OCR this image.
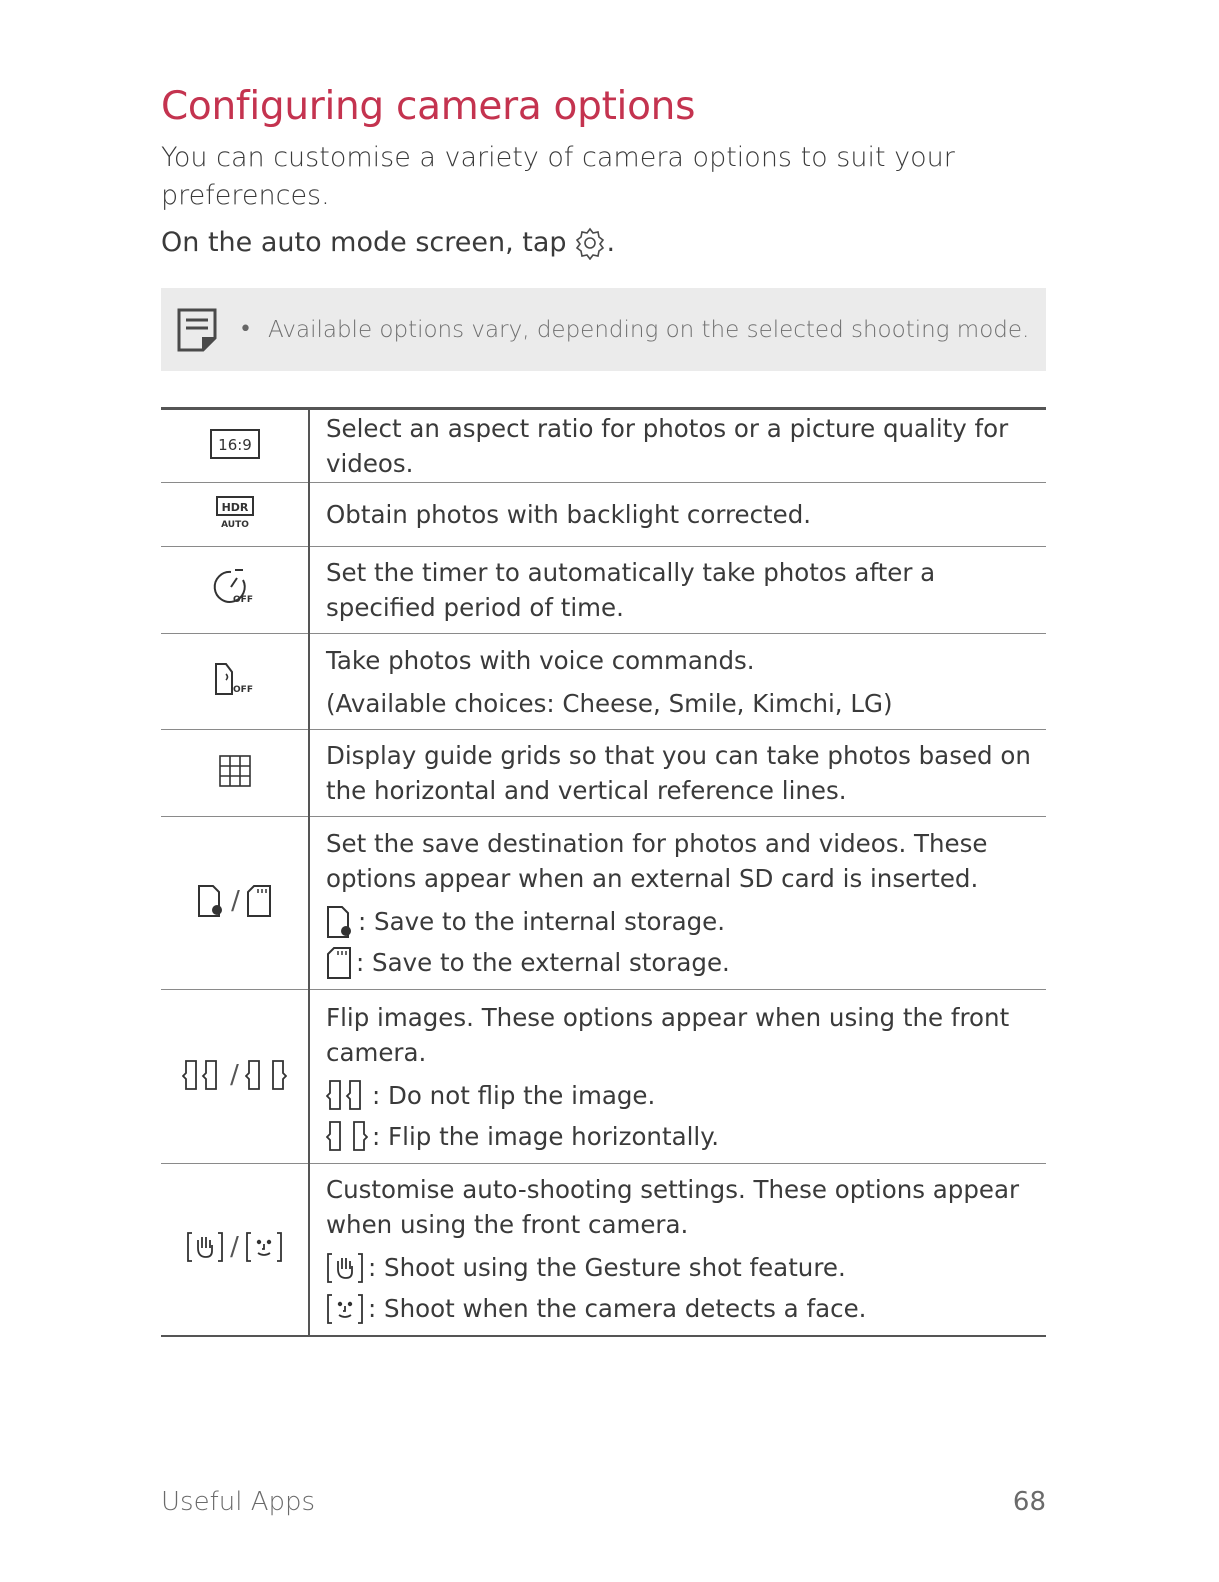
Configuring camera options

You can customise a variety of camera options to suit your preferences.

On the auto mode screen, tap .

• Available options vary, depending on the selected shooting mode.
16:9	Select an aspect ratio for photos or a picture quality for videos.

HDR
AUTO	Obtain photos with backlight corrected.

OFF	Set the timer to automatically take photos after a specified period of time.

OFF	Take photos with voice commands.

(Available choices: Cheese, Smile, Kimchi, LG)

Display guide grids so that you can take photos based on the horizontal and vertical reference lines.

/	Set the save destination for photos and videos. These options appear when an external SD card is inserted.

: Save to the internal storage.
: Save to the external storage.

/	Flip images. These options appear when using the front camera.

: Do not flip the image.
: Flip the image horizontally.

/	Customise auto-shooting settings. These options appear when using the front camera.

: Shoot using the Gesture shot feature.
: Shoot when the camera detects a face.
Useful Apps	68
